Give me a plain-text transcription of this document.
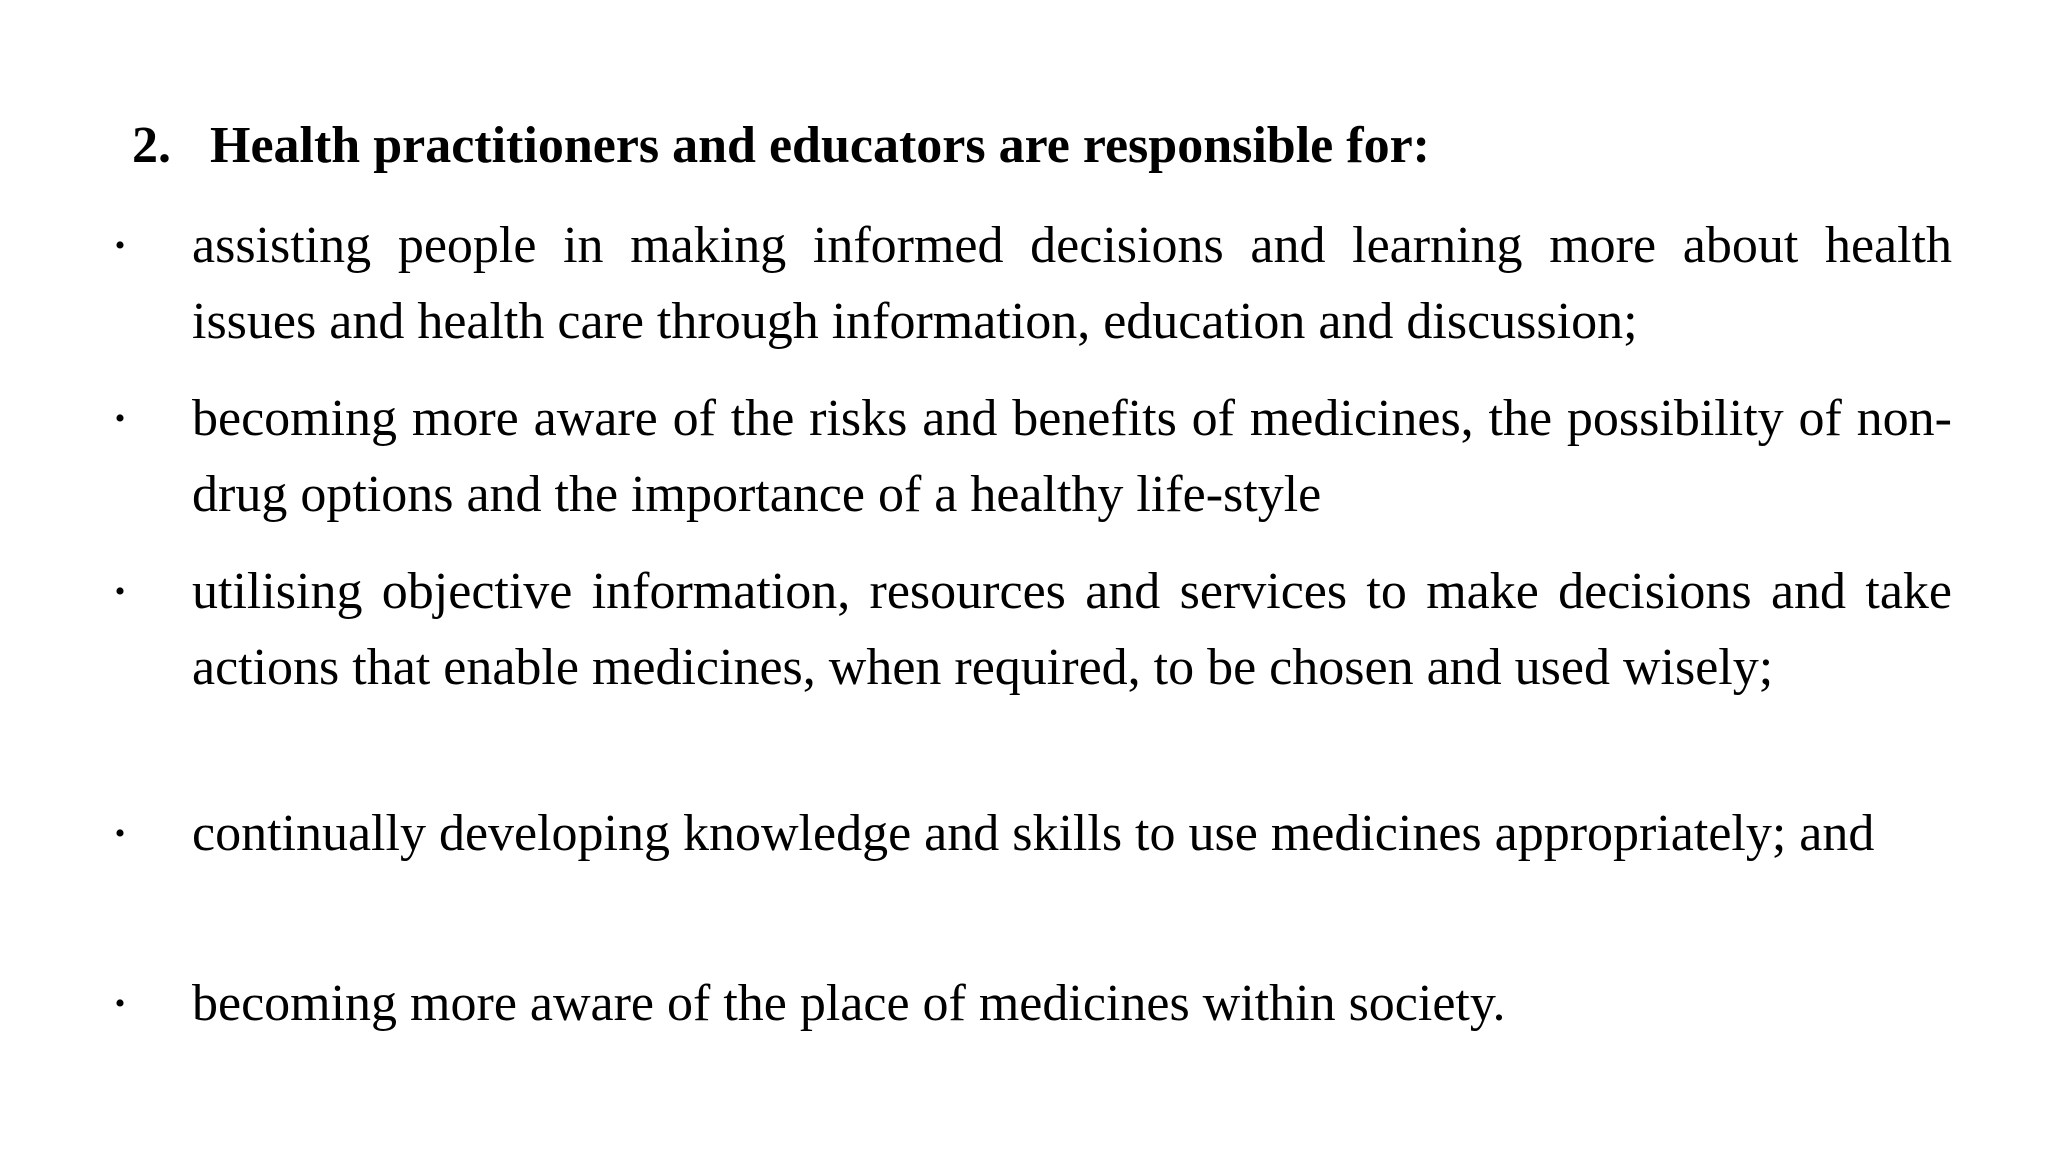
2. Health practitioners and educators are responsible for:
• assisting people in making informed decisions and learning more about health issues and health care through information, education and discussion;
• becoming more aware of the risks and benefits of medicines, the possibility of non-drug options and the importance of a healthy life-style
• utilising objective information, resources and services to make decisions and take actions that enable medicines, when required, to be chosen and used wisely;
• continually developing knowledge and skills to use medicines appropriately; and
• becoming more aware of the place of medicines within society.
